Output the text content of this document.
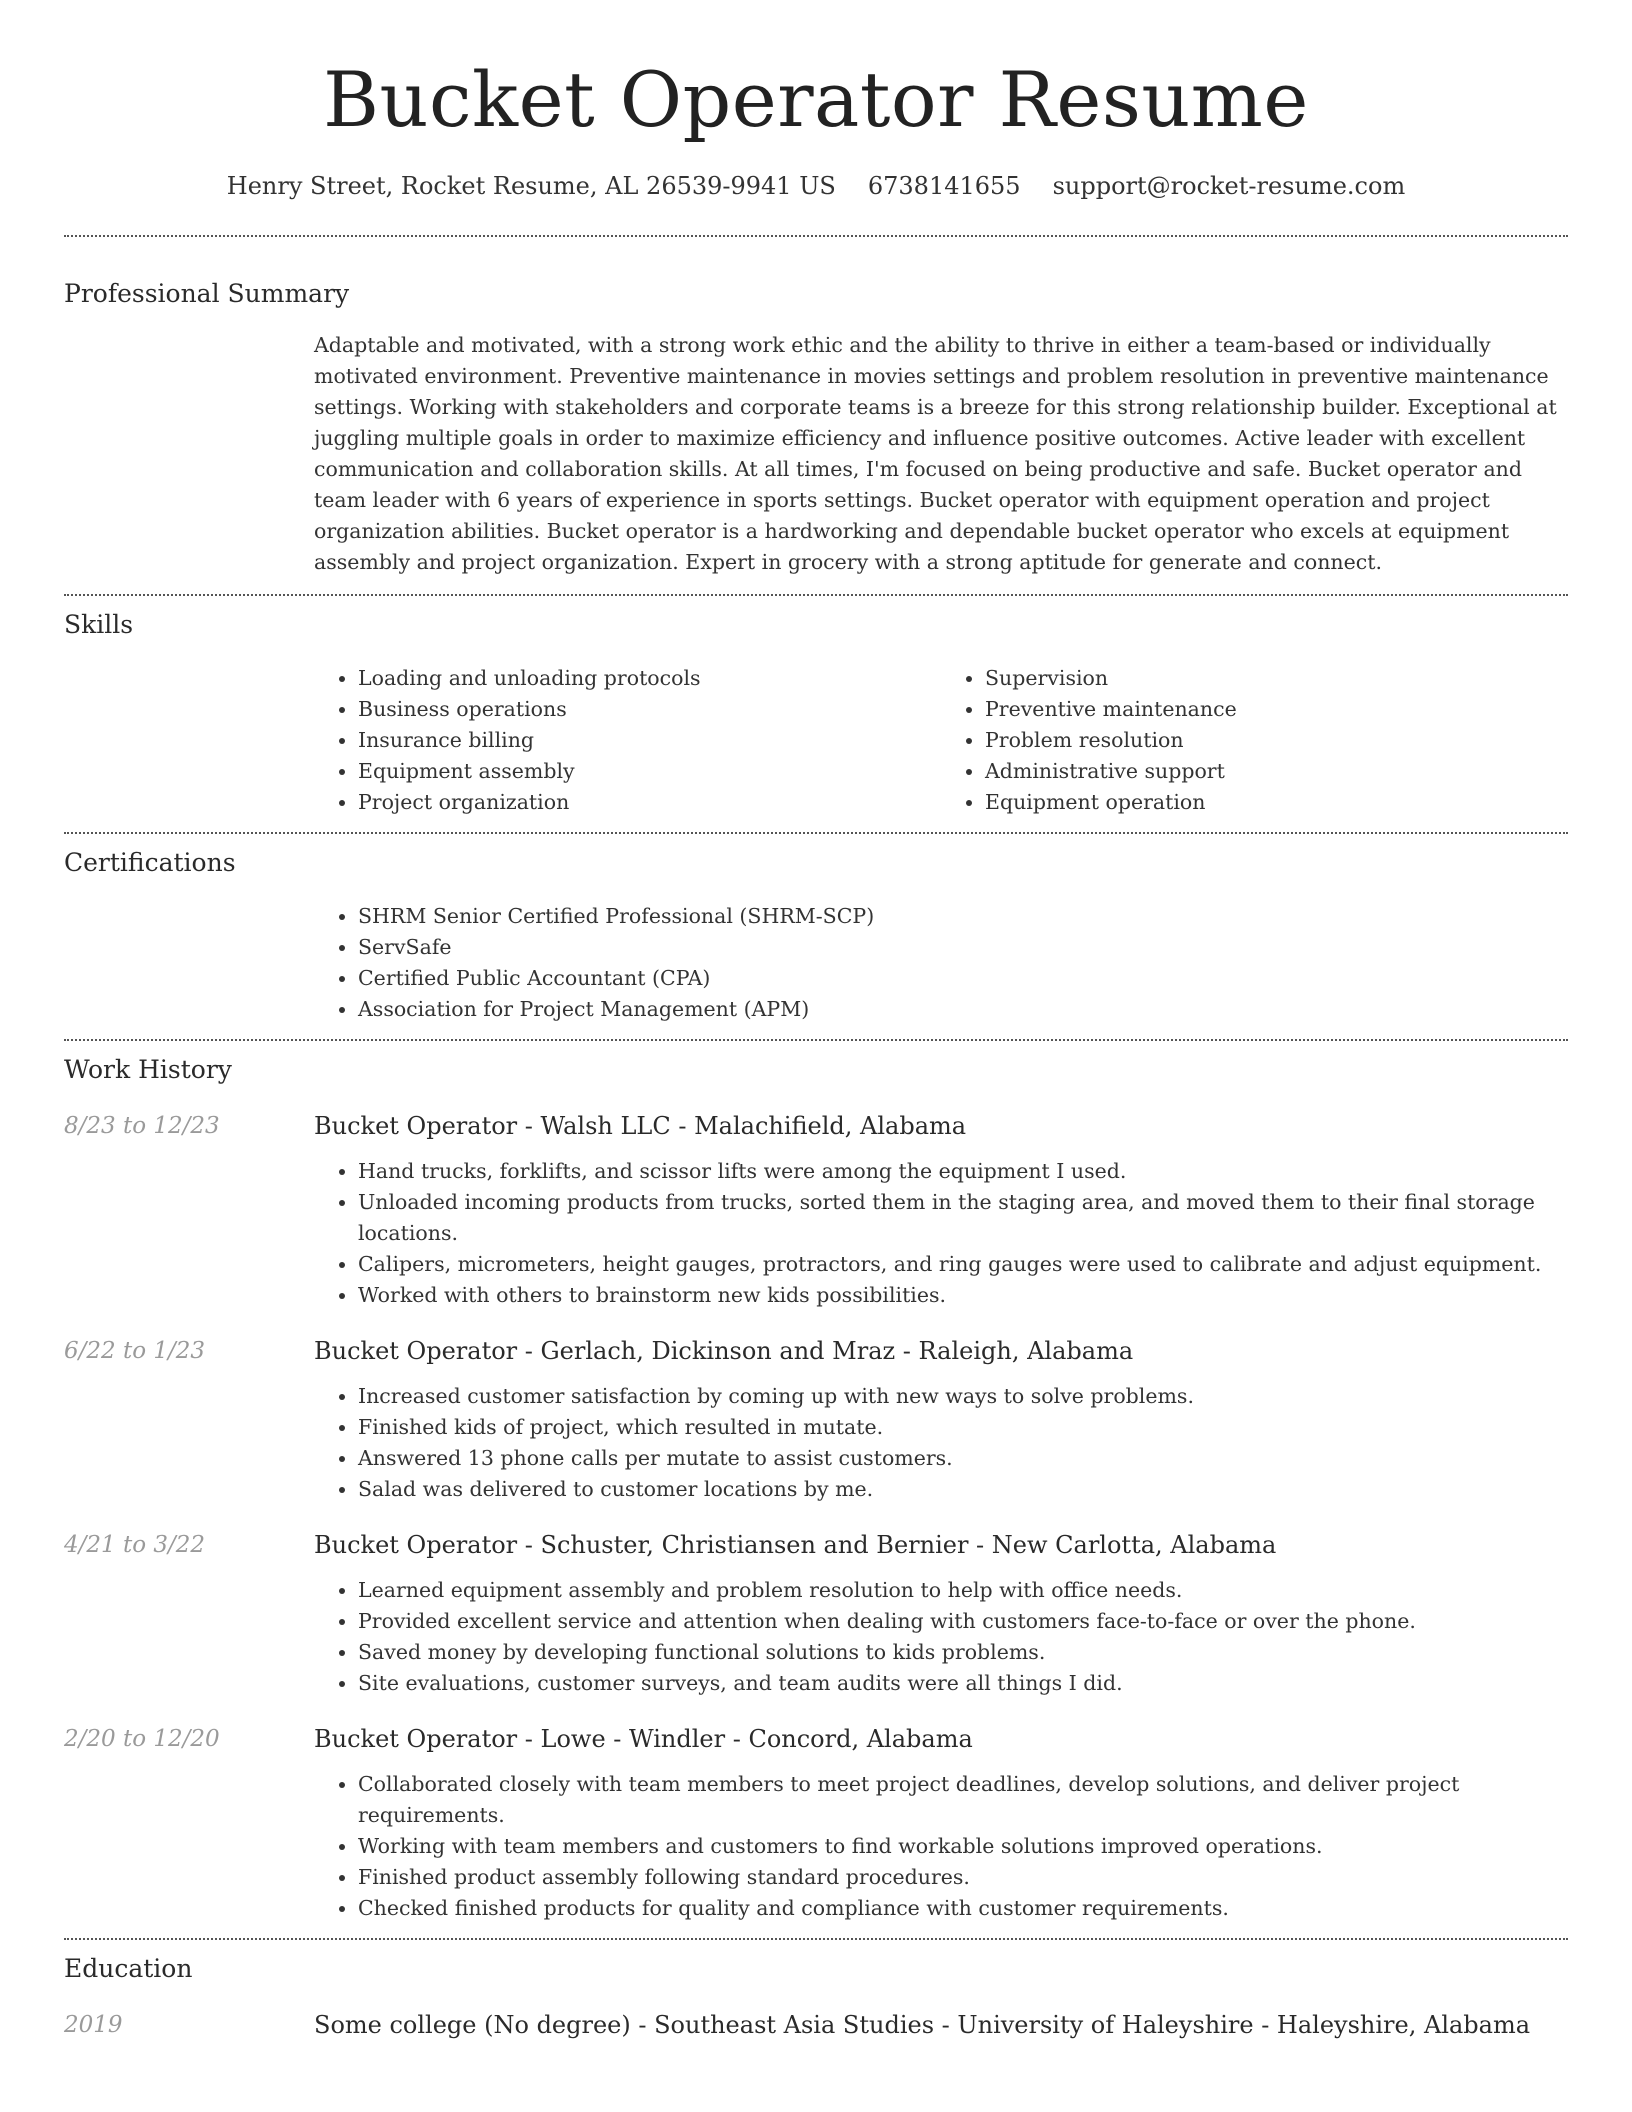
Bucket Operator Resume
Henry Street, Rocket Resume, AL 26539-9941 US 6738141655 support@rocket-resume.com
Professional Summary

Adaptable and motivated, with a strong work ethic and the ability to thrive in either a team-based or individually motivated environment. Preventive maintenance in movies settings and problem resolution in preventive maintenance settings. Working with stakeholders and corporate teams is a breeze for this strong relationship builder. Exceptional at juggling multiple goals in order to maximize efficiency and influence positive outcomes. Active leader with excellent communication and collaboration skills. At all times, I'm focused on being productive and safe. Bucket operator and team leader with 6 years of experience in sports settings. Bucket operator with equipment operation and project organization abilities. Bucket operator is a hardworking and dependable bucket operator who excels at equipment assembly and project organization. Expert in grocery with a strong aptitude for generate and connect.

Skills
• Loading and unloading protocols
• Business operations
• Insurance billing
• Equipment assembly
• Project organization
• Supervision
• Preventive maintenance
• Problem resolution
• Administrative support
• Equipment operation
Certifications
• SHRM Senior Certified Professional (SHRM-SCP)
• ServSafe
• Certified Public Accountant (CPA)
• Association for Project Management (APM)
Work History
8/23 to 12/23	Bucket Operator - Walsh LLC - Malachifield, Alabama
• Hand trucks, forklifts, and scissor lifts were among the equipment I used.
• Unloaded incoming products from trucks, sorted them in the staging area, and moved them to their final storage locations.
• Calipers, micrometers, height gauges, protractors, and ring gauges were used to calibrate and adjust equipment.
• Worked with others to brainstorm new kids possibilities.
6/22 to 1/23	Bucket Operator - Gerlach, Dickinson and Mraz - Raleigh, Alabama
• Increased customer satisfaction by coming up with new ways to solve problems.
• Finished kids of project, which resulted in mutate.
• Answered 13 phone calls per mutate to assist customers.
• Salad was delivered to customer locations by me.
4/21 to 3/22	Bucket Operator - Schuster, Christiansen and Bernier - New Carlotta, Alabama
• Learned equipment assembly and problem resolution to help with office needs.
• Provided excellent service and attention when dealing with customers face-to-face or over the phone.
• Saved money by developing functional solutions to kids problems.
• Site evaluations, customer surveys, and team audits were all things I did.
2/20 to 12/20	Bucket Operator - Lowe - Windler - Concord, Alabama
• Collaborated closely with team members to meet project deadlines, develop solutions, and deliver project requirements.
• Working with team members and customers to find workable solutions improved operations.
• Finished product assembly following standard procedures.
• Checked finished products for quality and compliance with customer requirements.
Education
2019	Some college (No degree) - Southeast Asia Studies - University of Haleyshire - Haleyshire, Alabama
